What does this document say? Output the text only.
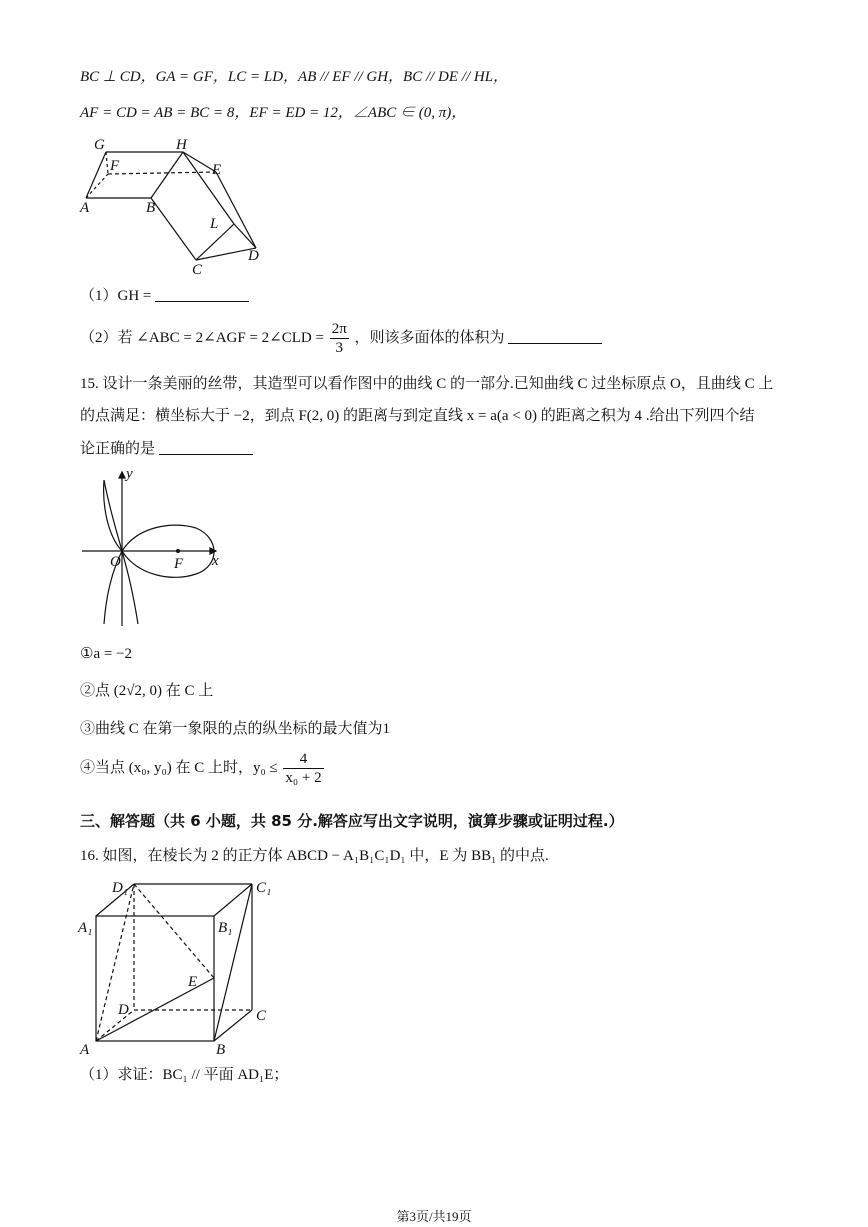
BC ⊥ CD，GA = GF，LC = LD，AB // EF // GH，BC // DE // HL，
AF = CD = AB = BC = 8，EF = ED = 12，∠ABC ∈ (0, π)，
G	H
F	E
A	B
L
C
D
（1）GH =
（2）若 ∠ABC = 2∠AGF = 2∠CLD = $\frac{2\pi}{3}$ ，则该多面体的体积为
15. 设计一条美丽的丝带，其造型可以看作图中的曲线 C 的一部分.已知曲线 C 过坐标原点 O，且曲线 C 上
的点满足：横坐标大于 −2，到点 F(2, 0) 的距离与到定直线 x = a(a < 0) 的距离之积为 4 .给出下列四个结
论正确的是
y
x
O	F
①a = −2
②点 (2√2, 0) 在 C 上
③曲线 C 在第一象限的点的纵坐标的最大值为1
④当点 (x₀, y₀) 在 C 上时，$y_0 \le \frac{4}{\text{x₀ + 2}}$
三、解答题（共 6 小题，共 85 分.解答应写出文字说明，演算步骤或证明过程.）
16. 如图，在棱长为 2 的正方体 ABCD − A₁B₁C₁D₁ 中，E 为 BB₁ 的中点.
D₁	C₁
A₁	B₁
E
D	C
A	B
（1）求证：BC₁ // 平面 AD₁E；
第3页/共19页
